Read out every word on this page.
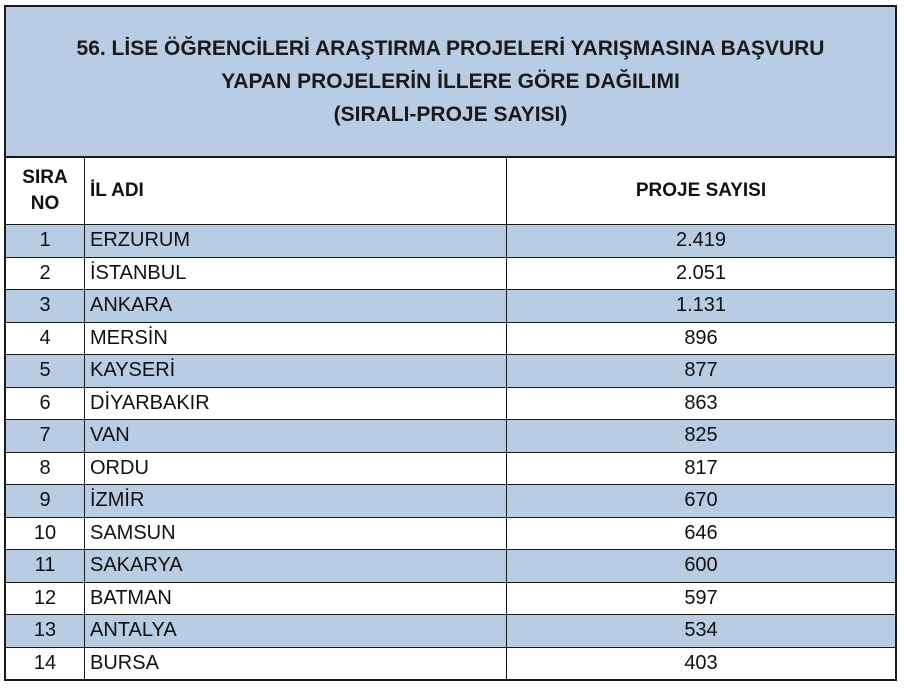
56. LİSE ÖĞRENCİLERİ ARAŞTIRMA PROJELERİ YARIŞMASINA BAŞVURU
YAPAN PROJELERİN İLLERE GÖRE DAĞILIMI
(SIRALI-PROJE SAYISI)
SIRA
NO	İL ADI	PROJE SAYISI
1	ERZURUM	2.419
2	İSTANBUL	2.051
3	ANKARA	1.131
4	MERSİN	896
5	KAYSERİ	877
6	DİYARBAKIR	863
7	VAN	825
8	ORDU	817
9	İZMİR	670
10	SAMSUN	646
11	SAKARYA	600
12	BATMAN	597
13	ANTALYA	534
14	BURSA	403
